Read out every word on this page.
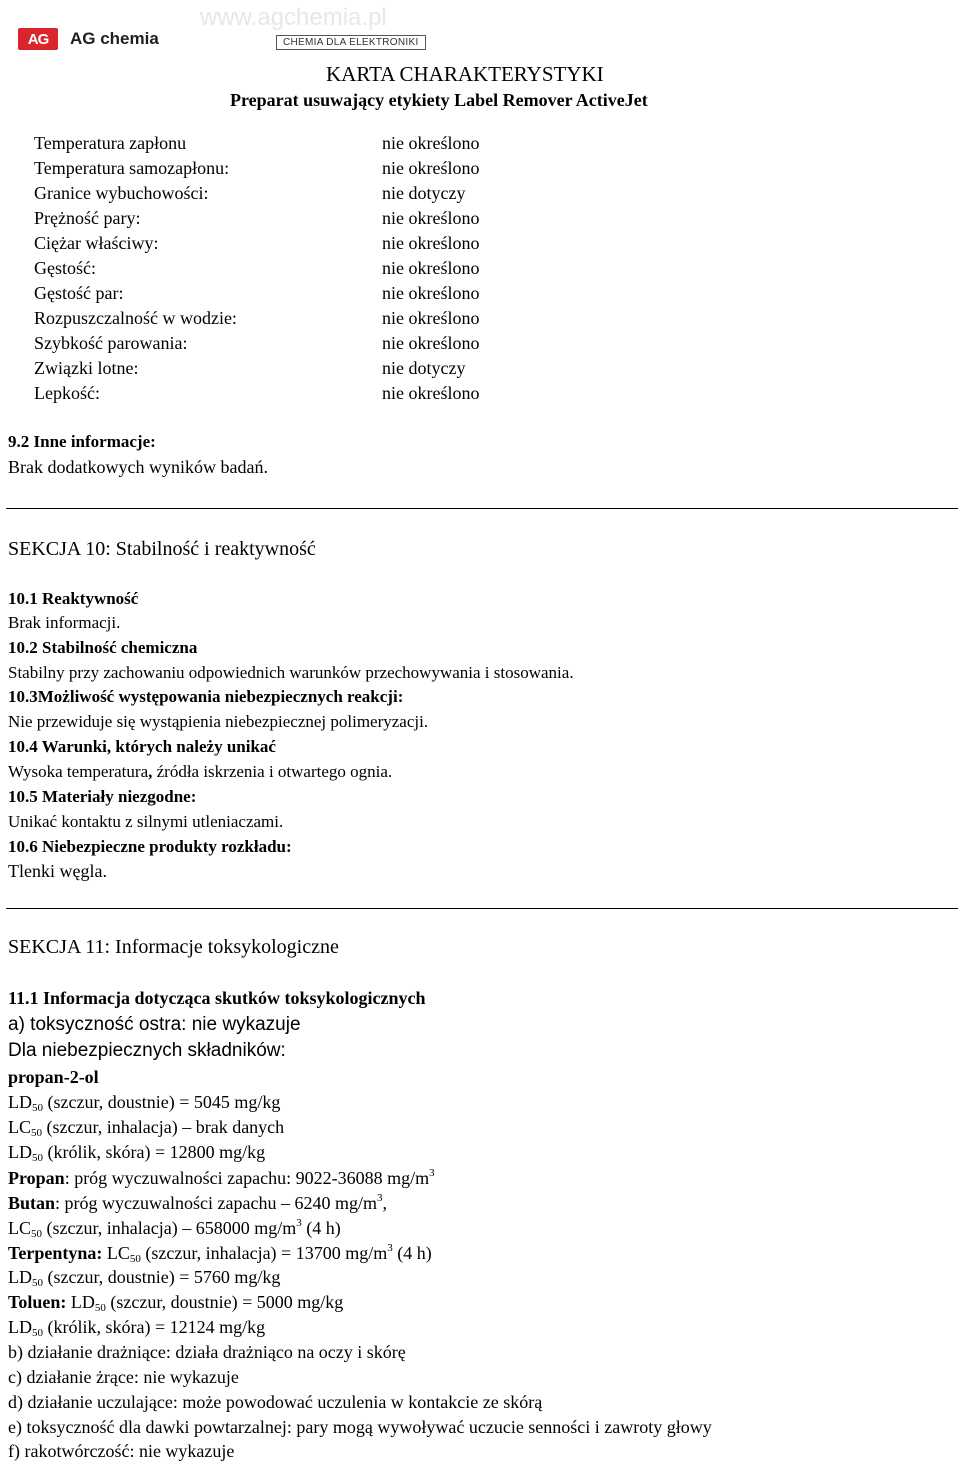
www.agchemia.pl
AG	AG chemia	CHEMIA DLA ELEKTRONIKI
KARTA CHARAKTERYSTYKI
Preparat usuwający etykiety Label Remover ActiveJet
Temperatura zapłonu	nie określono
Temperatura samozapłonu:	nie określono
Granice wybuchowości:	nie dotyczy
Prężność pary:	nie określono
Ciężar właściwy:	nie określono
Gęstość:	nie określono
Gęstość par:	nie określono
Rozpuszczalność w wodzie:	nie określono
Szybkość parowania:	nie określono
Związki lotne:	nie dotyczy
Lepkość:	nie określono
9.2 Inne informacje:
Brak dodatkowych wyników badań.
SEKCJA 10: Stabilność i reaktywność
10.1 Reaktywność
Brak informacji.
10.2 Stabilność chemiczna
Stabilny przy zachowaniu odpowiednich warunków przechowywania i stosowania.
10.3Możliwość występowania niebezpiecznych reakcji:
Nie przewiduje się wystąpienia niebezpiecznej polimeryzacji.
10.4 Warunki, których należy unikać
Wysoka temperatura, źródła iskrzenia i otwartego ognia.
10.5 Materiały niezgodne:
Unikać kontaktu z silnymi utleniaczami.
10.6 Niebezpieczne produkty rozkładu:
Tlenki węgla.
SEKCJA 11: Informacje toksykologiczne
11.1 Informacja dotycząca skutków toksykologicznych
a) toksyczność ostra: nie wykazuje
Dla niebezpiecznych składników:
propan-2-ol
$LD_{50}$ (szczur, doustnie) = 5045 mg/kg
$LC_{50}$ (szczur, inhalacja) – brak danych
$LD_{50}$ (królik, skóra) = 12800 mg/kg
Propan: próg wyczuwalności zapachu: 9022-36088 $mg/m^3$
Butan: próg wyczuwalności zapachu – 6240 $mg/m^3$,
$LC_{50}$ (szczur, inhalacja) – 658000 $mg/m^3$ (4 h)
Terpentyna: $LC_{50}$ (szczur, inhalacja) = 13700 $mg/m^3$ (4 h)
$LD_{50}$ (szczur, doustnie) = 5760 mg/kg
Toluen: $LD_{50}$ (szczur, doustnie) = 5000 mg/kg
$LD_{50}$ (królik, skóra) = 12124 mg/kg
b) działanie drażniące: działa drażniąco na oczy i skórę
c) działanie żrące: nie wykazuje
d) działanie uczulające: może powodować uczulenia w kontakcie ze skórą
e) toksyczność dla dawki powtarzalnej: pary mogą wywoływać uczucie senności i zawroty głowy
f) rakotwórczość: nie wykazuje
